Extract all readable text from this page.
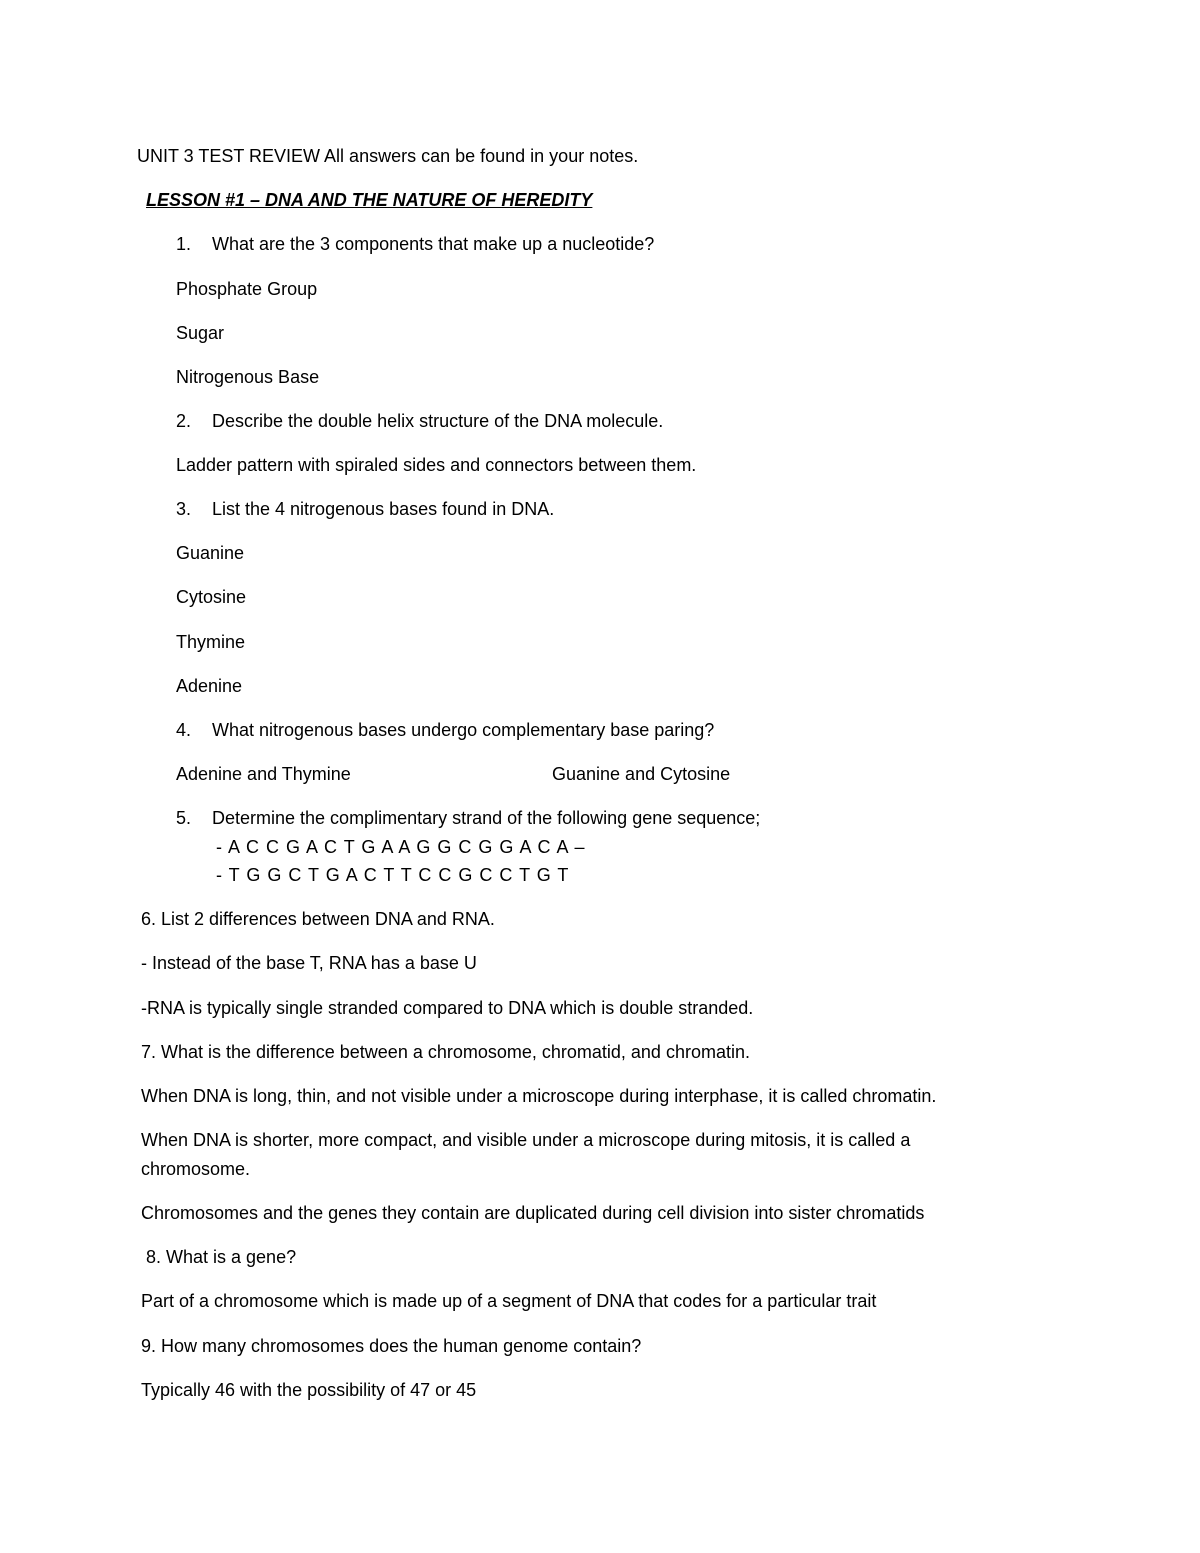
UNIT 3 TEST REVIEW All answers can be found in your notes.
LESSON #1 – DNA AND THE NATURE OF HEREDITY
1. What are the 3 components that make up a nucleotide?
Phosphate Group
Sugar
Nitrogenous Base
2. Describe the double helix structure of the DNA molecule.
Ladder pattern with spiraled sides and connectors between them.
3. List the 4 nitrogenous bases found in DNA.
Guanine
Cytosine
Thymine
Adenine
4. What nitrogenous bases undergo complementary base paring?
Adenine and Thymine	Guanine and Cytosine
5. Determine the complimentary strand of the following gene sequence;
- A C C G A C T G A A G G C G G A C A –
- T G G C T G A C T T C C G C C T G T
6. List 2 differences between DNA and RNA.
- Instead of the base T, RNA has a base U
-RNA is typically single stranded compared to DNA which is double stranded.
7. What is the difference between a chromosome, chromatid, and chromatin.
When DNA is long, thin, and not visible under a microscope during interphase, it is called chromatin.
When DNA is shorter, more compact, and visible under a microscope during mitosis, it is called a
chromosome.
Chromosomes and the genes they contain are duplicated during cell division into sister chromatids
8. What is a gene?
Part of a chromosome which is made up of a segment of DNA that codes for a particular trait
9. How many chromosomes does the human genome contain?
Typically 46 with the possibility of 47 or 45
